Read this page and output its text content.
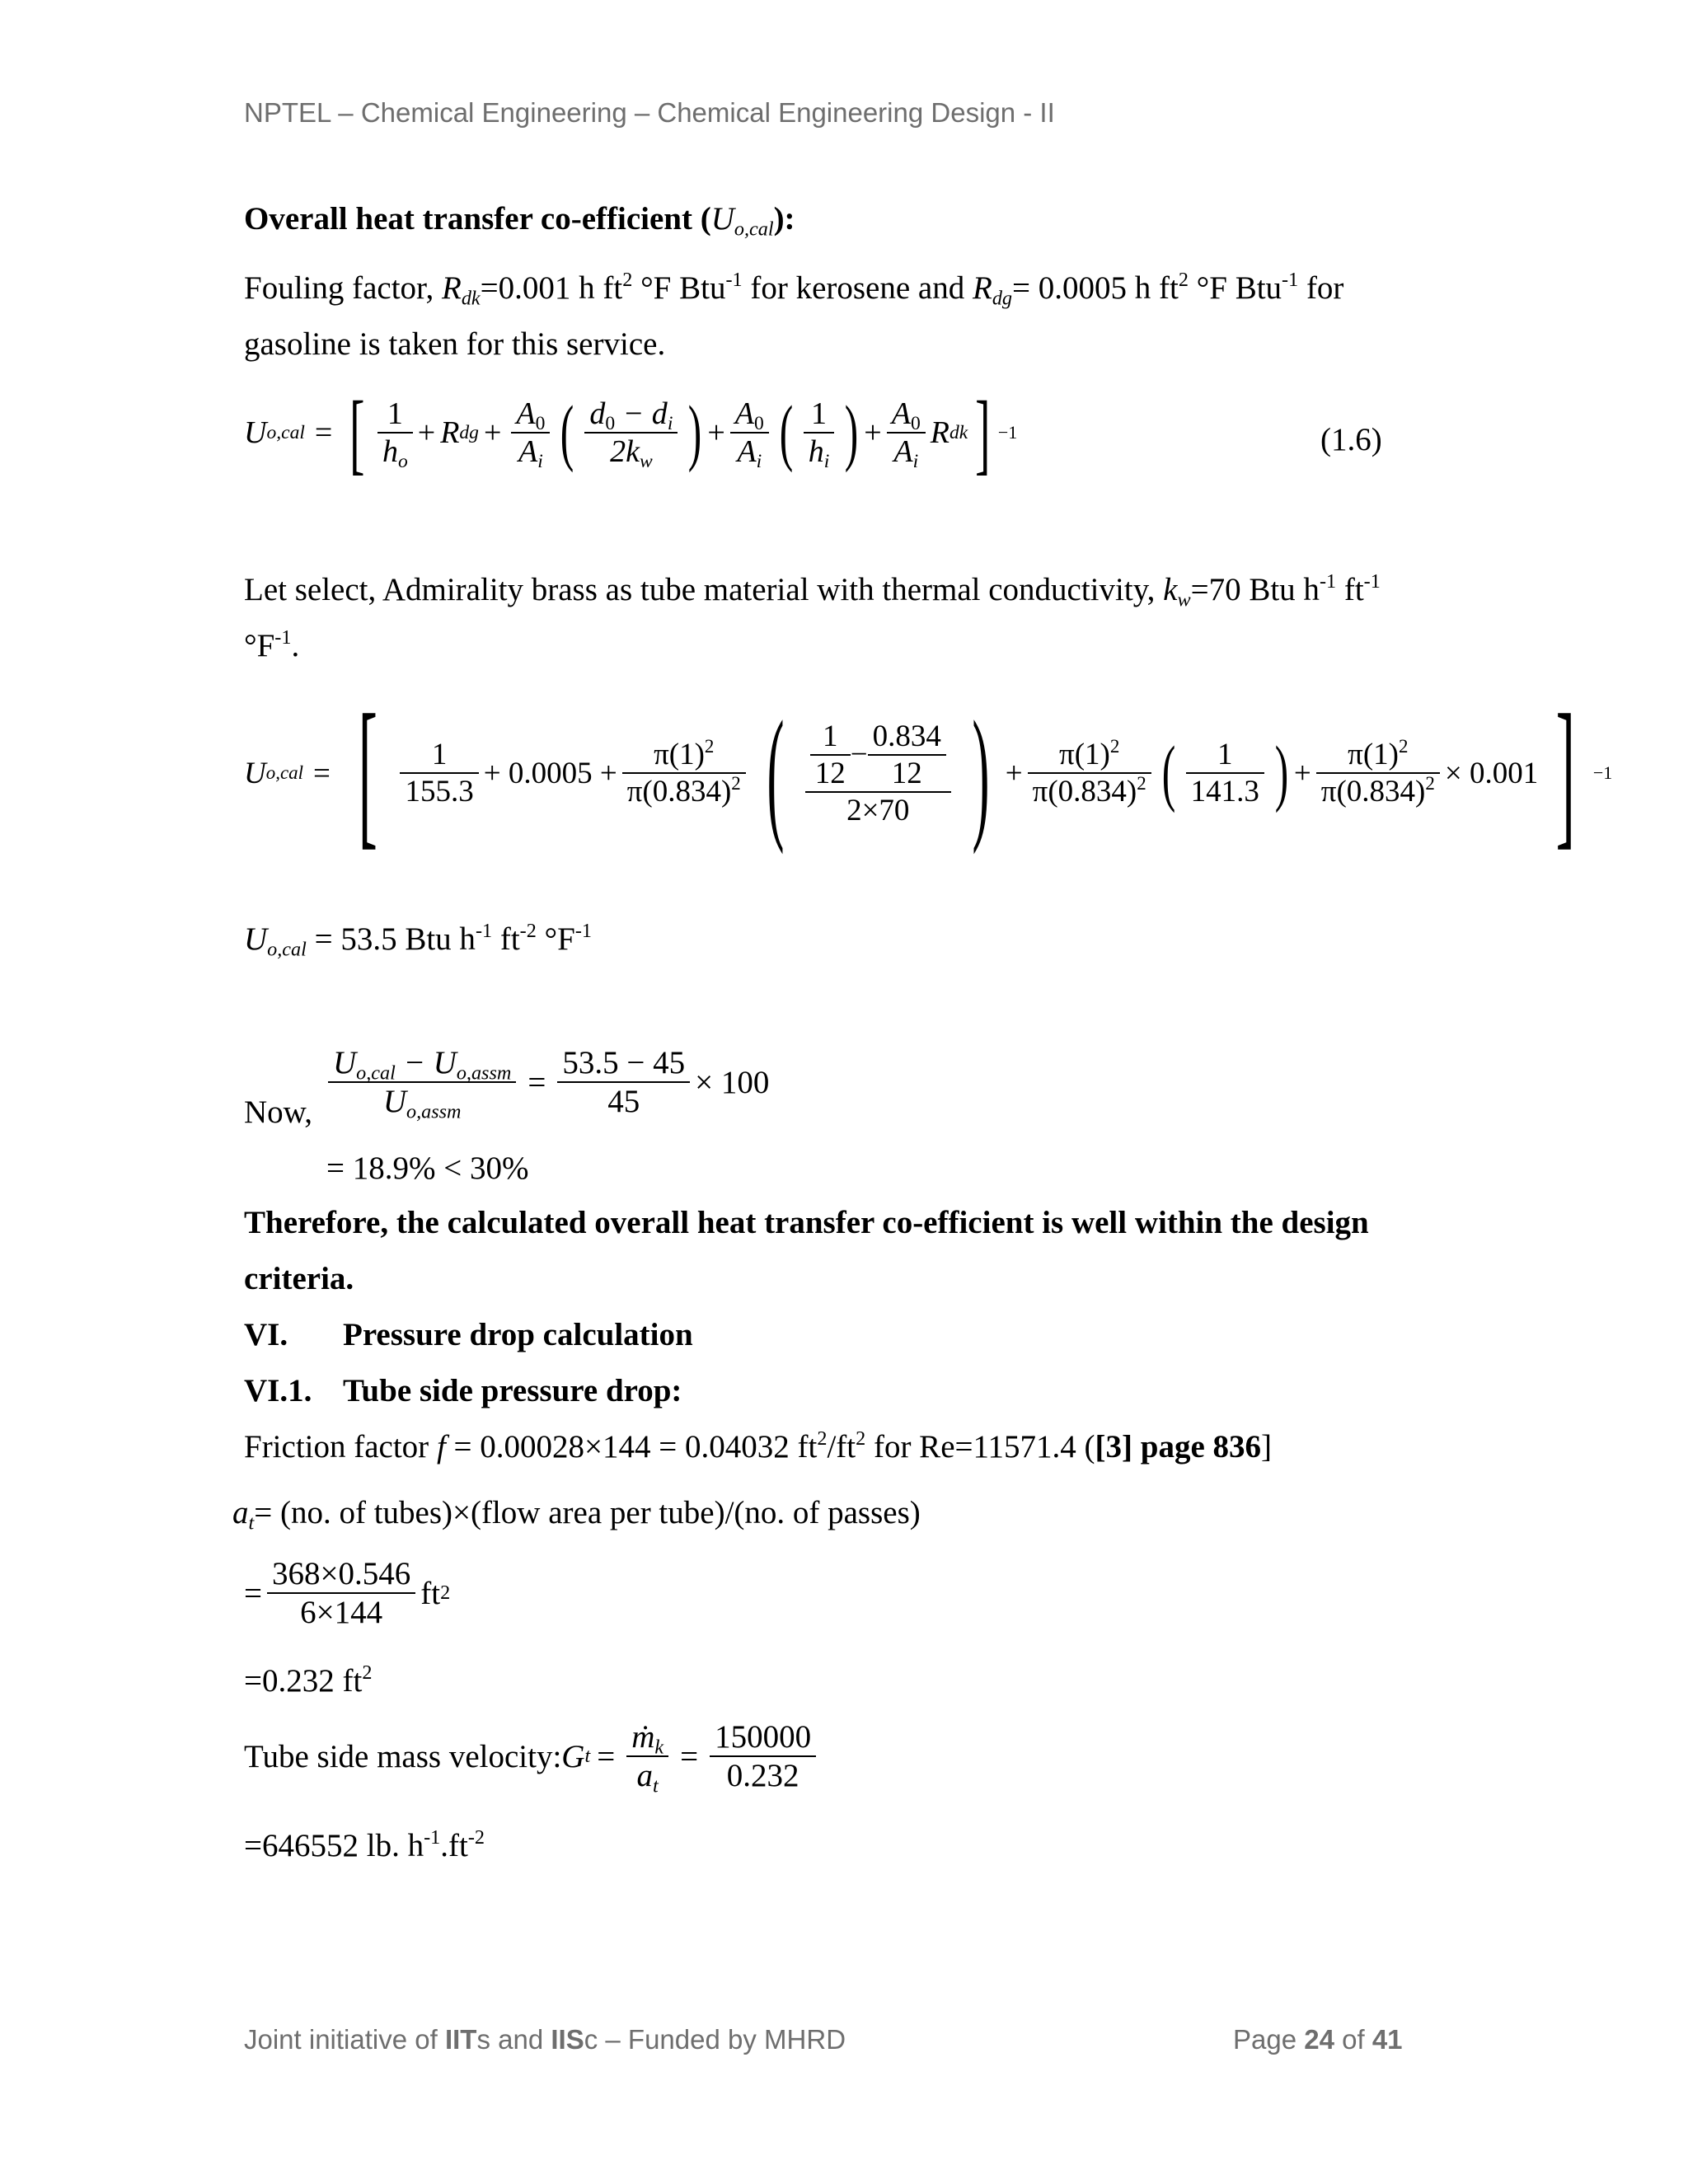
NPTEL – Chemical Engineering – Chemical Engineering Design - II
Overall heat transfer co-efficient $(U_{o,cal})$:
Fouling factor, $R_{dk}=0.001$ h $ft^2$ °F Btu$^{-1}$ for kerosene and $R_{dg}= 0.0005$ h $ft^2$ °F Btu$^{-1}$ for
gasoline is taken for this service.
U o,cal = [ $\frac{1}{h_o} + R$ dg + $\frac{A_0}{A_i}$ ( $\frac{d_0 - d_i}{2k_w}$ ) + $\frac{A_0}{A_i}$ ( $\frac{1}{h_i}$ ) + $\frac{A_0}{A_i}$ R dk ] −1	(1.6)
Let select, Admirality brass as tube material with thermal conductivity, $k_w=70$ Btu $h^{-1}$ $ft^{-1}$
$^\circ F^{-1}$.
U o,cal = [ $\frac{1}{155.3} + 0.0005 + \frac{\pi(1)^2}{\pi(0.834)^2}$ ( $\frac{\frac{1}{12} - \frac{0.834}{12}}{2\times 70}$ ) + $\frac{\pi(1)^2}{\pi(0.834)^2}$ ( $\frac{1}{141.3}$ ) + $\frac{\pi(1)^2}{\pi(0.834)^2} \times 0.001$ ] −1
$U_{o,cal} = 53.5$ Btu $h^{-1}$ $ft^{-2}$ $^\circ F^{-1}$
Now, $\frac{U_{o,cal} - U_{o,assm}}{U_{o,assm}} = \frac{53.5 - 45}{45} \times 100$
= 18.9% < 30%
Therefore, the calculated overall heat transfer co-efficient is well within the design
criteria.
VI. Pressure drop calculation
VI.1. Tube side pressure drop:
Friction factor f = 0.00028×144 = 0.04032 $ft^2/ft^2$ for Re=11571.4 ([3] page 836]
$a_t= (no$. of tubes)×(flow area per tube)/(no. of passes)
= $\frac{368\times 0.546}{6\times 144}$ ft 2
=0.232 $ft^2$
Tube side mass velocity: G $t = \frac{ṁ_k}{a_t} = \frac{150000}{0.232}$
=646552 lb. $h^{-1}.ft^{-2}$
Joint initiative of IITs and IISc – Funded by MHRD	Page 24 of 41
